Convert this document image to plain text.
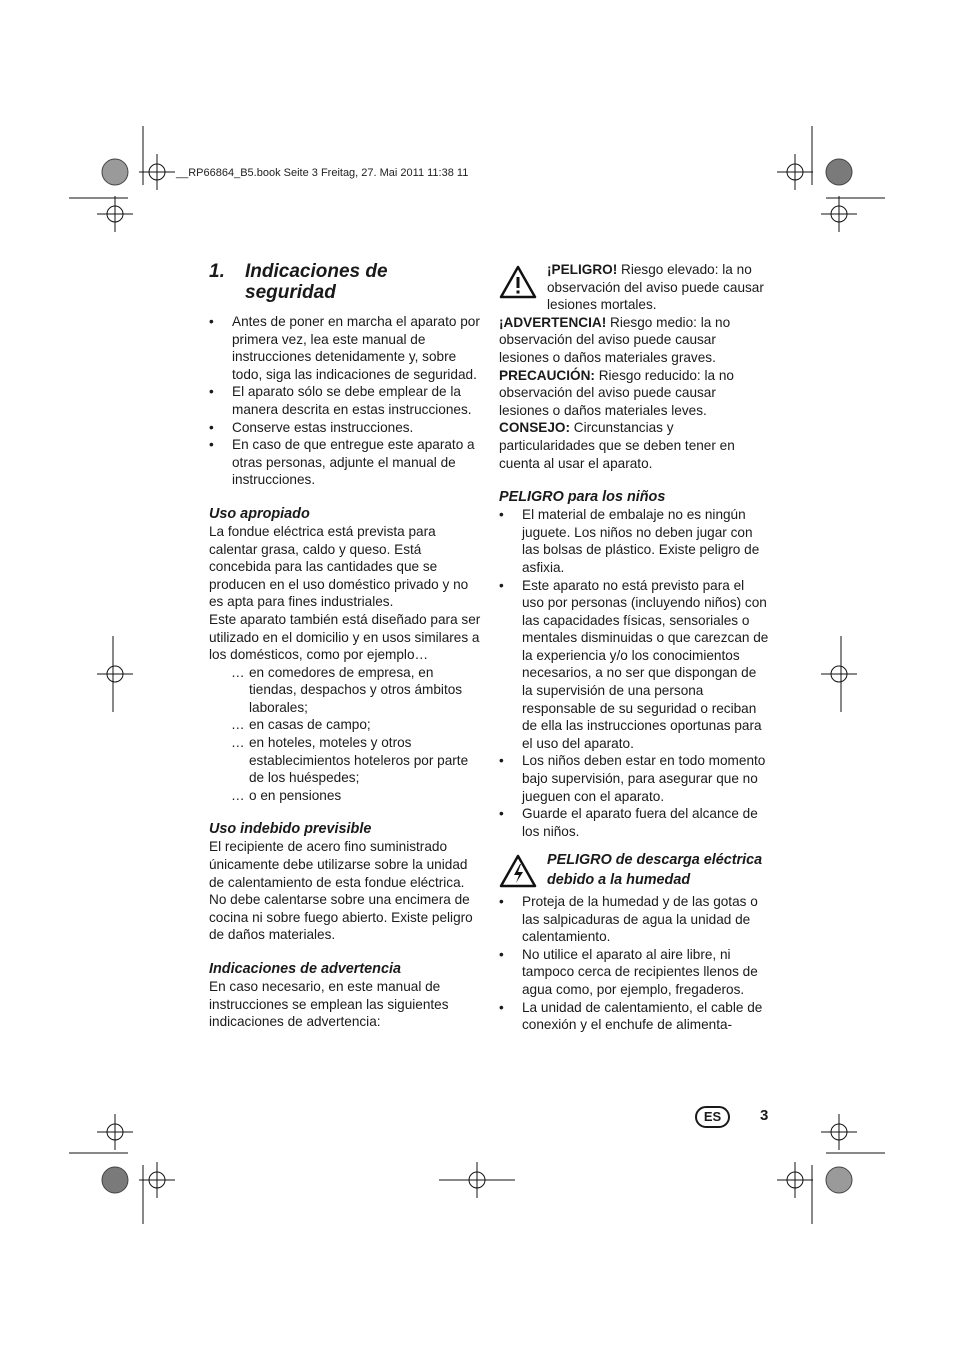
__RP66864_B5.book Seite 3 Freitag, 27. Mai 2011 11:38 11
1.	Indicaciones de
seguridad
• Antes de poner en marcha el aparato por primera vez, lea este manual de instrucciones detenidamente y, sobre todo, siga las indicaciones de seguridad.
• El aparato sólo se debe emplear de la manera descrita en estas instrucciones.
• Conserve estas instrucciones.
• En caso de que entregue este aparato a otras personas, adjunte el manual de instrucciones.
Uso apropiado

La fondue eléctrica está prevista para calentar grasa, caldo y queso. Está concebida para las cantidades que se producen en el uso doméstico privado y no es apta para fines industriales.

Este aparato también está diseñado para ser utilizado en el domicilio y en usos similares a los domésticos, como por ejemplo…

… en comedores de empresa, en tiendas, despachos y otros ámbitos laborales;
… en casas de campo;
… en hoteles, moteles y otros establecimientos hoteleros por parte de los huéspedes;
… o en pensiones
Uso indebido previsible

El recipiente de acero fino suministrado únicamente debe utilizarse sobre la unidad de calentamiento de esta fondue eléctrica. No debe calentarse sobre una encimera de cocina ni sobre fuego abierto. Existe peligro de daños materiales.

Indicaciones de advertencia

En caso necesario, en este manual de instrucciones se emplean las siguientes indicaciones de advertencia:

¡PELIGRO! Riesgo elevado: la no observación del aviso puede causar lesiones mortales.

¡ADVERTENCIA! Riesgo medio: la no observación del aviso puede causar lesiones o daños materiales graves.

PRECAUCIÓN: Riesgo reducido: la no observación del aviso puede causar lesiones o daños materiales leves.

CONSEJO: Circunstancias y particularidades que se deben tener en cuenta al usar el aparato.

PELIGRO para los niños
• El material de embalaje no es ningún juguete. Los niños no deben jugar con las bolsas de plástico. Existe peligro de asfixia.
• Este aparato no está previsto para el uso por personas (incluyendo niños) con las capacidades físicas, sensoriales o mentales disminuidas o que carezcan de la experiencia y/o los conocimientos necesarios, a no ser que dispongan de la supervisión de una persona responsable de su seguridad o reciban de ella las instrucciones oportunas para el uso del aparato.
• Los niños deben estar en todo momento bajo supervisión, para asegurar que no jueguen con el aparato.
• Guarde el aparato fuera del alcance de los niños.
PELIGRO de descarga eléctrica debido a la humedad
• Proteja de la humedad y de las gotas o las salpicaduras de agua la unidad de calentamiento.
• No utilice el aparato al aire libre, ni tampoco cerca de recipientes llenos de agua como, por ejemplo, fregaderos.
• La unidad de calentamiento, el cable de conexión y el enchufe de alimenta-
ES	3
